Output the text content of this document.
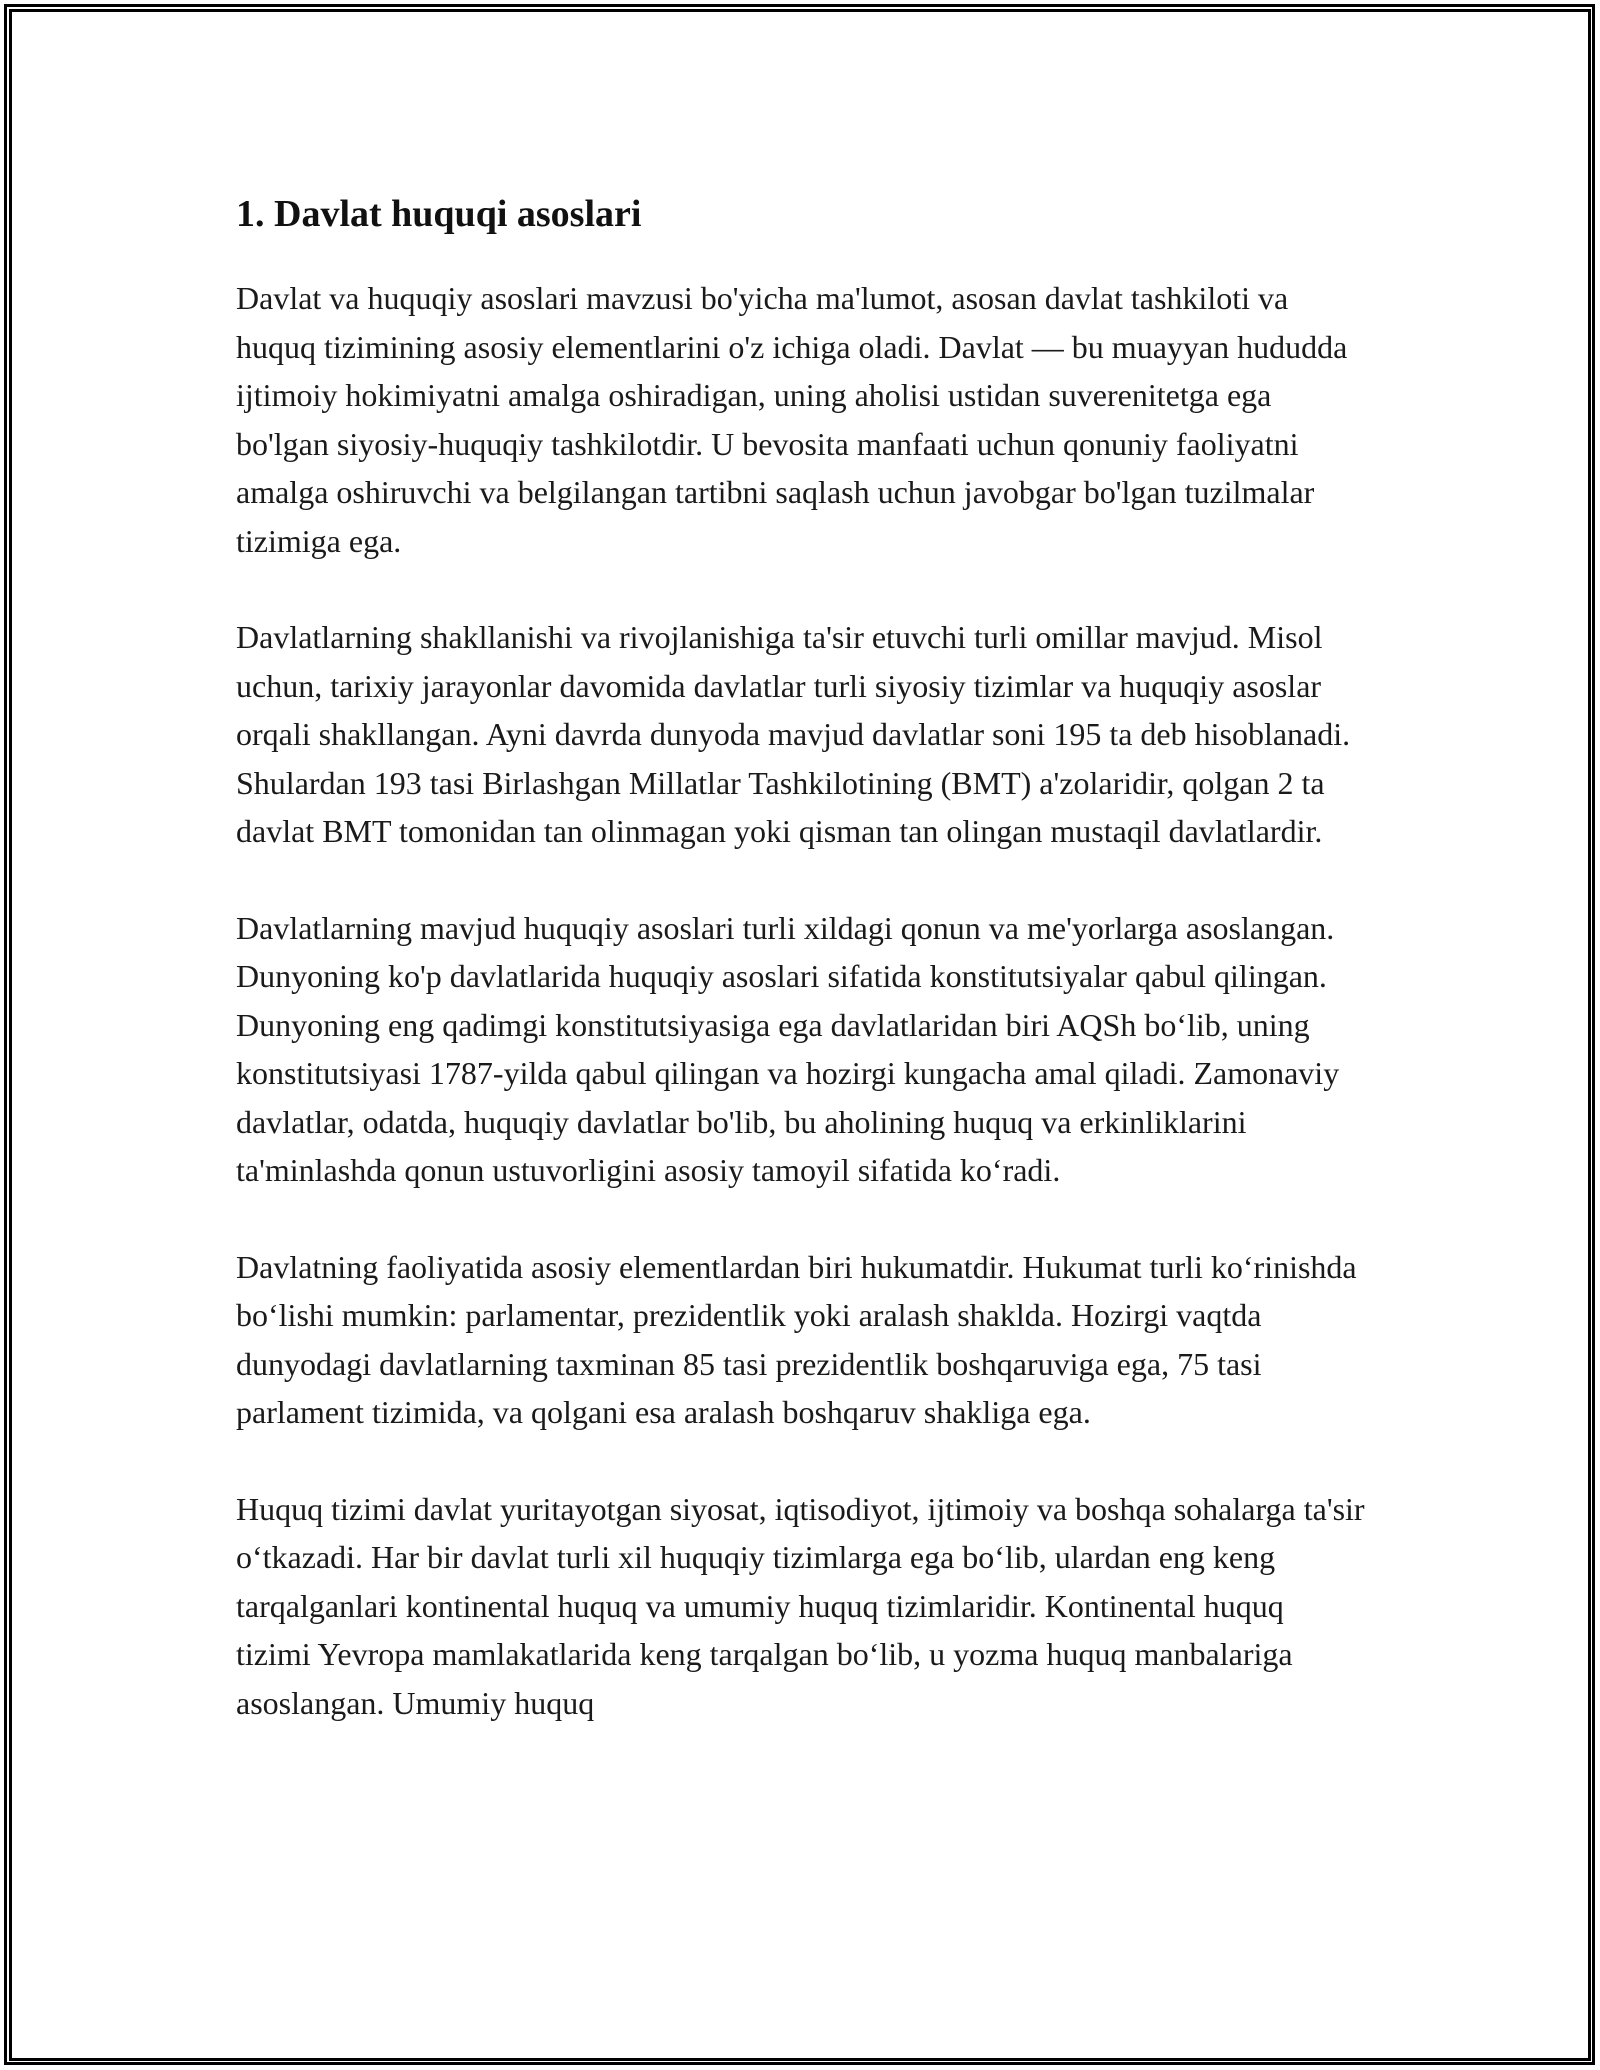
1. Davlat huquqi asoslari

Davlat va huquqiy asoslari mavzusi bo'yicha ma'lumot, asosan davlat tashkiloti va huquq tizimining asosiy elementlarini o'z ichiga oladi. Davlat — bu muayyan hududda ijtimoiy hokimiyatni amalga oshiradigan, uning aholisi ustidan suverenitetga ega bo'lgan siyosiy-huquqiy tashkilotdir. U bevosita manfaati uchun qonuniy faoliyatni amalga oshiruvchi va belgilangan tartibni saqlash uchun javobgar bo'lgan tuzilmalar tizimiga ega.

Davlatlarning shakllanishi va rivojlanishiga ta'sir etuvchi turli omillar mavjud. Misol uchun, tarixiy jarayonlar davomida davlatlar turli siyosiy tizimlar va huquqiy asoslar orqali shakllangan. Ayni davrda dunyoda mavjud davlatlar soni 195 ta deb hisoblanadi. Shulardan 193 tasi Birlashgan Millatlar Tashkilotining (BMT) a'zolaridir, qolgan 2 ta davlat BMT tomonidan tan olinmagan yoki qisman tan olingan mustaqil davlatlardir.

Davlatlarning mavjud huquqiy asoslari turli xildagi qonun va me'yorlarga asoslangan. Dunyoning ko'p davlatlarida huquqiy asoslari sifatida konstitutsiyalar qabul qilingan. Dunyoning eng qadimgi konstitutsiyasiga ega davlatlaridan biri AQSh bo‘lib, uning konstitutsiyasi 1787-yilda qabul qilingan va hozirgi kungacha amal qiladi. Zamonaviy davlatlar, odatda, huquqiy davlatlar bo'lib, bu aholining huquq va erkinliklarini ta'minlashda qonun ustuvorligini asosiy tamoyil sifatida ko‘radi.

Davlatning faoliyatida asosiy elementlardan biri hukumatdir. Hukumat turli ko‘rinishda bo‘lishi mumkin: parlamentar, prezidentlik yoki aralash shaklda. Hozirgi vaqtda dunyodagi davlatlarning taxminan 85 tasi prezidentlik boshqaruviga ega, 75 tasi parlament tizimida, va qolgani esa aralash boshqaruv shakliga ega.

Huquq tizimi davlat yuritayotgan siyosat, iqtisodiyot, ijtimoiy va boshqa sohalarga ta'sir o‘tkazadi. Har bir davlat turli xil huquqiy tizimlarga ega bo‘lib, ulardan eng keng tarqalganlari kontinental huquq va umumiy huquq tizimlaridir. Kontinental huquq tizimi Yevropa mamlakatlarida keng tarqalgan bo‘lib, u yozma huquq manbalariga asoslangan. Umumiy huquq
